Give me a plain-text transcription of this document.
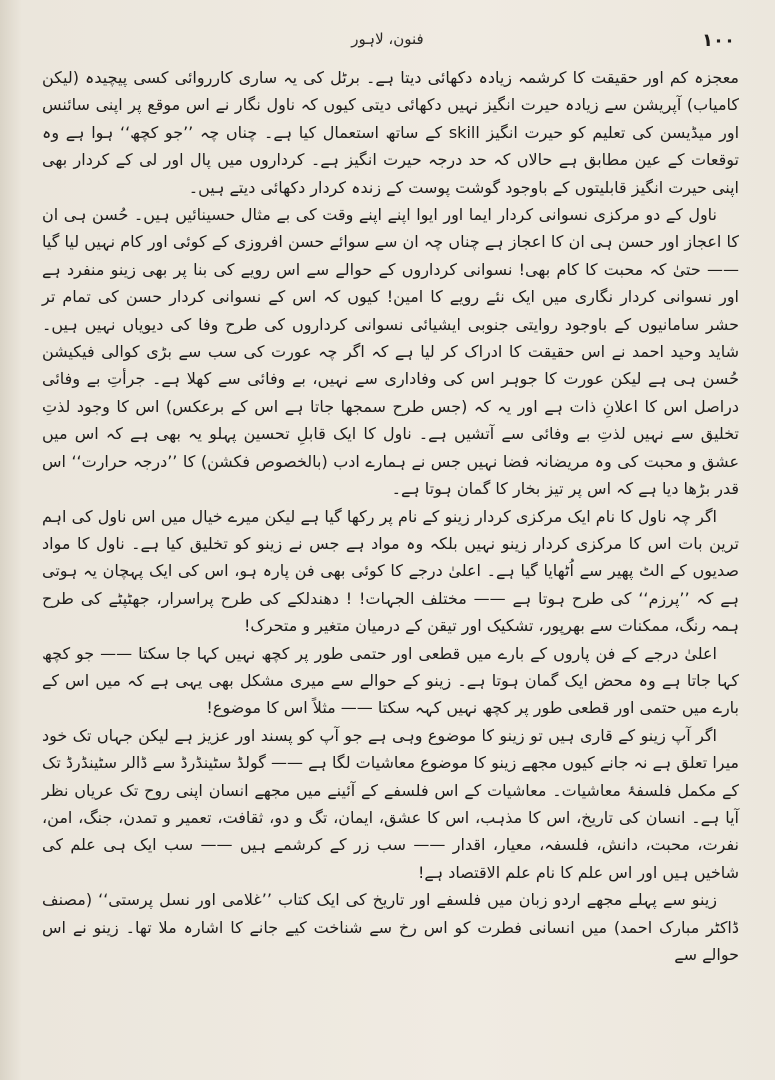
۱۰۰
فنون، لاہور

معجزہ کم اور حقیقت کا کرشمہ زیادہ دکھائی دیتا ہے۔ برٹل کی یہ ساری کارروائی کسی پیچیدہ (لیکن کامیاب) آپریشن سے زیادہ حیرت انگیز نہیں دکھائی دیتی کیوں کہ ناول نگار نے اس موقع پر اپنی سائنس اور میڈیسن کی تعلیم کو حیرت انگیز skill کے ساتھ استعمال کیا ہے۔ چناں چہ ’’جو کچھ‘‘ ہوا ہے وہ توقعات کے عین مطابق ہے حالاں کہ حد درجہ حیرت انگیز ہے۔ کرداروں میں پال اور لی کے کردار بھی اپنی حیرت انگیز قابلیتوں کے باوجود گوشت پوست کے زندہ کردار دکھائی دیتے ہیں۔

ناول کے دو مرکزی نسوانی کردار ایما اور ایوا اپنے اپنے وقت کی بے مثال حسینائیں ہیں۔ حُسن ہی ان کا اعجاز اور حسن ہی ان کا اعجاز ہے چناں چہ ان سے سوائے حسن افروزی کے کوئی اور کام نہیں لیا گیا —— حتیٰ کہ محبت کا کام بھی! نسوانی کرداروں کے حوالے سے اس رویے کی بنا پر بھی زینو منفرد ہے اور نسوانی کردار نگاری میں ایک نئے رویے کا امین! کیوں کہ اس کے نسوانی کردار حسن کی تمام تر حشر سامانیوں کے باوجود روایتی جنوبی ایشیائی نسوانی کرداروں کی طرح وفا کی دیویاں نہیں ہیں۔ شاید وحید احمد نے اس حقیقت کا ادراک کر لیا ہے کہ اگر چہ عورت کی سب سے بڑی کوالی فیکیشن حُسن ہی ہے لیکن عورت کا جوہر اس کی وفاداری سے نہیں، بے وفائی سے کھلا ہے۔ جرأتِ بے وفائی دراصل اس کا اعلانِ ذات ہے اور یہ کہ (جس طرح سمجھا جاتا ہے اس کے برعکس) اس کا وجود لذتِ تخلیق سے نہیں لذتِ بے وفائی سے آتشیں ہے۔ ناول کا ایک قابلِ تحسین پہلو یہ بھی ہے کہ اس میں عشق و محبت کی وہ مریضانہ فضا نہیں جس نے ہمارے ادب (بالخصوص فکشن) کا ’’درجہ حرارت‘‘ اس قدر بڑھا دیا ہے کہ اس پر تیز بخار کا گمان ہوتا ہے۔

اگر چہ ناول کا نام ایک مرکزی کردار زینو کے نام پر رکھا گیا ہے لیکن میرے خیال میں اس ناول کی اہم ترین بات اس کا مرکزی کردار زینو نہیں بلکہ وہ مواد ہے جس نے زینو کو تخلیق کیا ہے۔ ناول کا مواد صدیوں کے الٹ پھیر سے اُٹھایا گیا ہے۔ اعلیٰ درجے کا کوئی بھی فن پارہ ہو، اس کی ایک پہچان یہ ہوتی ہے کہ ’’پرزم‘‘ کی طرح ہوتا ہے —— مختلف الجہات! ! دھندلکے کی طرح پراسرار، جھٹپٹے کی طرح ہمہ رنگ، ممکنات سے بھرپور، تشکیک اور تیقن کے درمیان متغیر و متحرک!

اعلیٰ درجے کے فن پاروں کے بارے میں قطعی اور حتمی طور پر کچھ نہیں کہا جا سکتا —— جو کچھ کہا جاتا ہے وہ محض ایک گمان ہوتا ہے۔ زینو کے حوالے سے میری مشکل بھی یہی ہے کہ میں اس کے بارے میں حتمی اور قطعی طور پر کچھ نہیں کہہ سکتا —— مثلاً اس کا موضوع!

اگر آپ زینو کے قاری ہیں تو زینو کا موضوع وہی ہے جو آپ کو پسند اور عزیز ہے لیکن جہاں تک خود میرا تعلق ہے نہ جانے کیوں مجھے زینو کا موضوع معاشیات لگا ہے —— گولڈ سٹینڈرڈ سے ڈالر سٹینڈرڈ تک کے مکمل فلسفۂ معاشیات۔ معاشیات کے اس فلسفے کے آئینے میں مجھے انسان اپنی روح تک عریاں نظر آیا ہے۔ انسان کی تاریخ، اس کا مذہب، اس کا عشق، ایمان، تگ و دو، ثقافت، تعمیر و تمدن، جنگ، امن، نفرت، محبت، دانش، فلسفہ، معیار، اقدار —— سب زر کے کرشمے ہیں —— سب ایک ہی علم کی شاخیں ہیں اور اس علم کا نام علم الاقتصاد ہے!

زینو سے پہلے مجھے اردو زبان میں فلسفے اور تاریخ کی ایک کتاب ’’غلامی اور نسل پرستی‘‘ (مصنف ڈاکٹر مبارک احمد) میں انسانی فطرت کو اس رخ سے شناخت کیے جانے کا اشارہ ملا تھا۔ زینو نے اس حوالے سے
